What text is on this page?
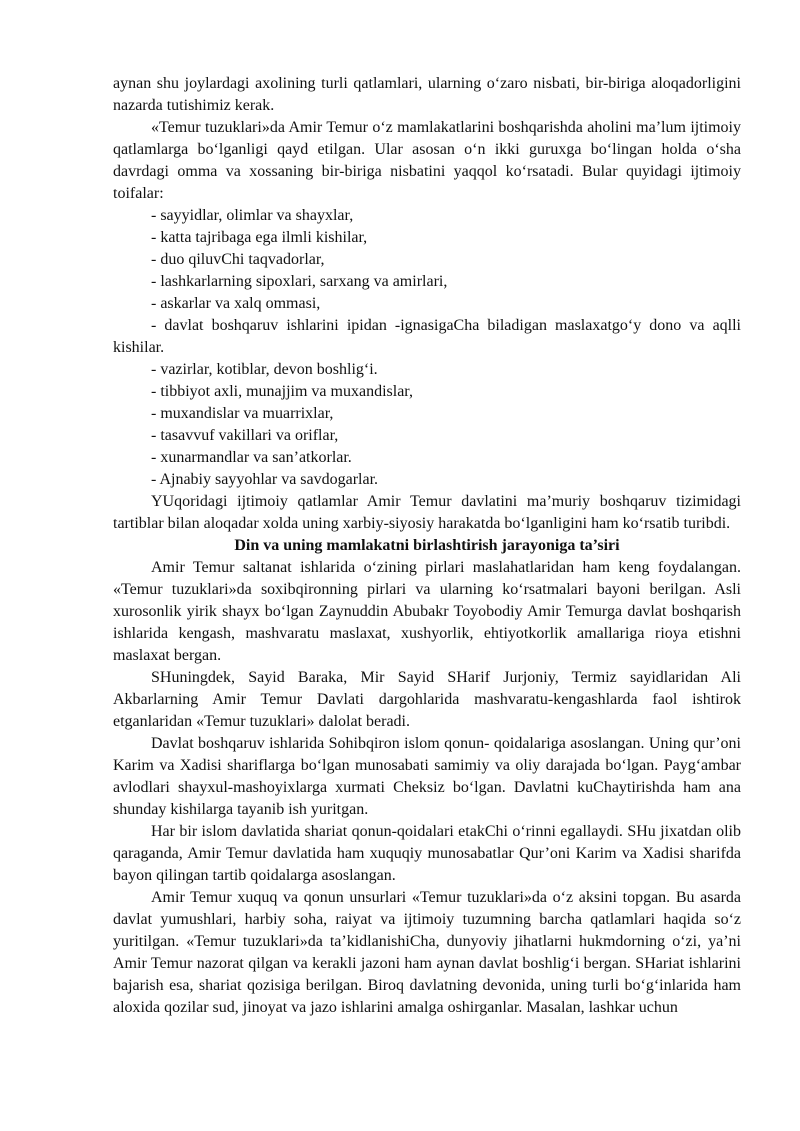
aynan shu joylardagi axolining turli qatlamlari, ularning oʻzaro nisbati, bir-biriga aloqadorligini nazarda tutishimiz kerak.

«Temur tuzuklari»da Amir Temur oʻz mamlakatlarini boshqarishda aholini ma’lum ijtimoiy qatlamlarga boʻlganligi qayd etilgan. Ular asosan oʻn ikki guruxga boʻlingan holda oʻsha davrdagi omma va xossaning bir-biriga nisbatini yaqqol koʻrsatadi. Bular quyidagi ijtimoiy toifalar:

- sayyidlar, olimlar va shayxlar,

- katta tajribaga ega ilmli kishilar,

- duo qiluvChi taqvadorlar,

- lashkarlarning sipoxlari, sarxang va amirlari,

- askarlar va xalq ommasi,

- davlat boshqaruv ishlarini ipidan -ignasigaCha biladigan maslaxatgoʻy dono va aqlli kishilar.

- vazirlar, kotiblar, devon boshligʻi.

- tibbiyot axli, munajjim va muxandislar,

- muxandislar va muarrixlar,

- tasavvuf vakillari va oriflar,

- xunarmandlar va san’atkorlar.

- Ajnabiy sayyohlar va savdogarlar.

YUqoridagi ijtimoiy qatlamlar Amir Temur davlatini ma’muriy boshqaruv tizimidagi tartiblar bilan aloqadar xolda uning xarbiy-siyosiy harakatda boʻlganligini ham koʻrsatib turibdi.

Din va uning mamlakatni birlashtirish jarayoniga ta’siri

Amir Temur saltanat ishlarida oʻzining pirlari maslahatlaridan ham keng foydalangan. «Temur tuzuklari»da soxibqironning pirlari va ularning koʻrsatmalari bayoni berilgan. Asli xurosonlik yirik shayx boʻlgan Zaynuddin Abubakr Toyobodiy Amir Temurga davlat boshqarish ishlarida kengash, mashvaratu maslaxat, xushyorlik, ehtiyotkorlik amallariga rioya etishni maslaxat bergan.

SHuningdek, Sayid Baraka, Mir Sayid SHarif Jurjoniy, Termiz sayidlaridan Ali Akbarlarning Amir Temur Davlati dargohlarida mashvaratu-kengashlarda faol ishtirok etganlaridan «Temur tuzuklari» dalolat beradi.

Davlat boshqaruv ishlarida Sohibqiron islom qonun- qoidalariga asoslangan. Uning qur’oni Karim va Xadisi shariflarga boʻlgan munosabati samimiy va oliy darajada boʻlgan. Paygʻambar avlodlari shayxul-mashoyixlarga xurmati Cheksiz boʻlgan. Davlatni kuChaytirishda ham ana shunday kishilarga tayanib ish yuritgan.

Har bir islom davlatida shariat qonun-qoidalari etakChi oʻrinni egallaydi. SHu jixatdan olib qaraganda, Amir Temur davlatida ham xuquqiy munosabatlar Qur’oni Karim va Xadisi sharifda bayon qilingan tartib qoidalarga asoslangan.

Amir Temur xuquq va qonun unsurlari «Temur tuzuklari»da oʻz aksini topgan. Bu asarda davlat yumushlari, harbiy soha, raiyat va ijtimoiy tuzumning barcha qatlamlari haqida soʻz yuritilgan. «Temur tuzuklari»da ta’kidlanishiCha, dunyoviy jihatlarni hukmdorning oʻzi, ya’ni Amir Temur nazorat qilgan va kerakli jazoni ham aynan davlat boshligʻi bergan. SHariat ishlarini bajarish esa, shariat qozisiga berilgan. Biroq davlatning devonida, uning turli boʻgʻinlarida ham aloxida qozilar sud, jinoyat va jazo ishlarini amalga oshirganlar. Masalan, lashkar uchun
